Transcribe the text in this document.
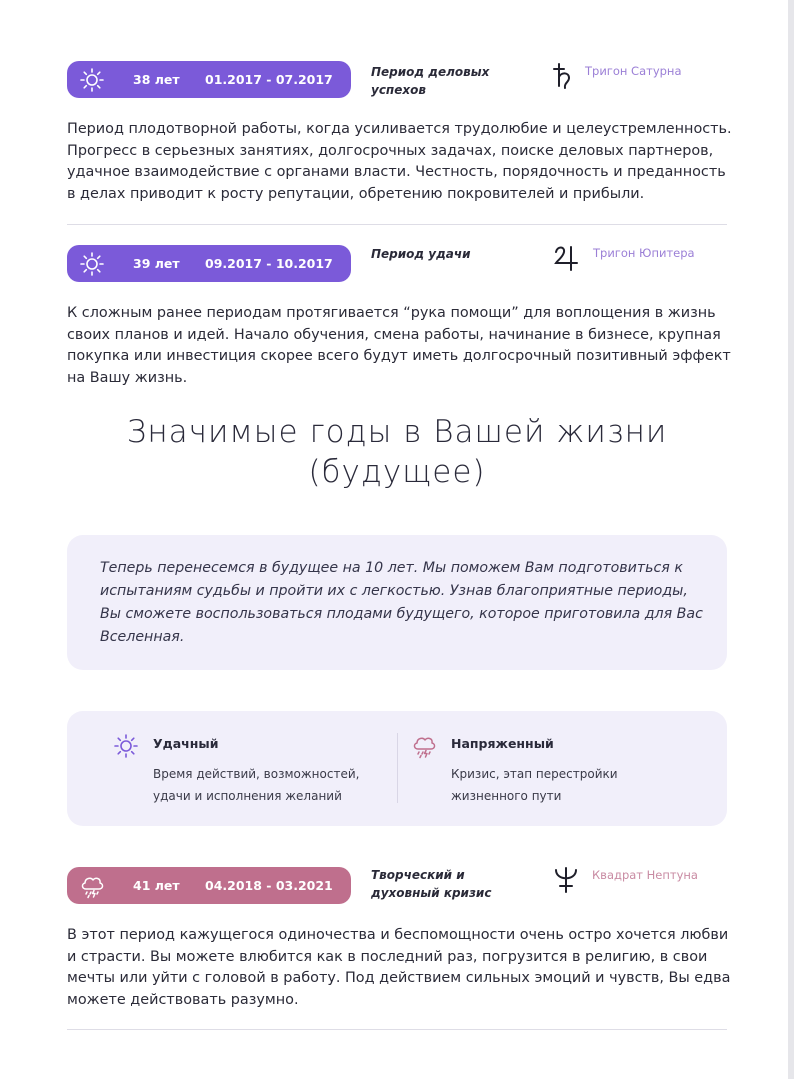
38 лет 01.2017 - 07.2017	Период деловых успехов
Тригон Сатурна
Период плодотворной работы, когда усиливается трудолюбие и целеустремленность. Прогресс в серьезных занятиях, долгосрочных задачах, поиске деловых партнеров, удачное взаимодействие с органами власти. Честность, порядочность и преданность в делах приводит к росту репутации, обретению покровителей и прибыли.
39 лет 09.2017 - 10.2017
Период удачи	Тригон Юпитера
К сложным ранее периодам протягивается “рука помощи” для воплощения в жизнь своих планов и идей. Начало обучения, смена работы, начинание в бизнесе, крупная покупка или инвестиция скорее всего будут иметь долгосрочный позитивный эффект на Вашу жизнь.
Значимые годы в Вашей жизни
(будущее)

Теперь перенесемся в будущее на 10 лет. Мы поможем Вам подготовиться к испытаниям судьбы и пройти их с легкостью. Узнав благоприятные периоды, Вы сможете воспользоваться плодами будущего, которое приготовила для Вас Вселенная.

Удачный
Время действий, возможностей, удачи и исполнения желаний
Напряженный
Кризис, этап перестройки жизненного пути
41 лет 04.2018 - 03.2021
Творческий и духовный кризис
Квадрат Нептуна
В этот период кажущегося одиночества и беспомощности очень остро хочется любви и страсти. Вы можете влюбится как в последний раз, погрузится в религию, в свои мечты или уйти с головой в работу. Под действием сильных эмоций и чувств, Вы едва можете действовать разумно.
